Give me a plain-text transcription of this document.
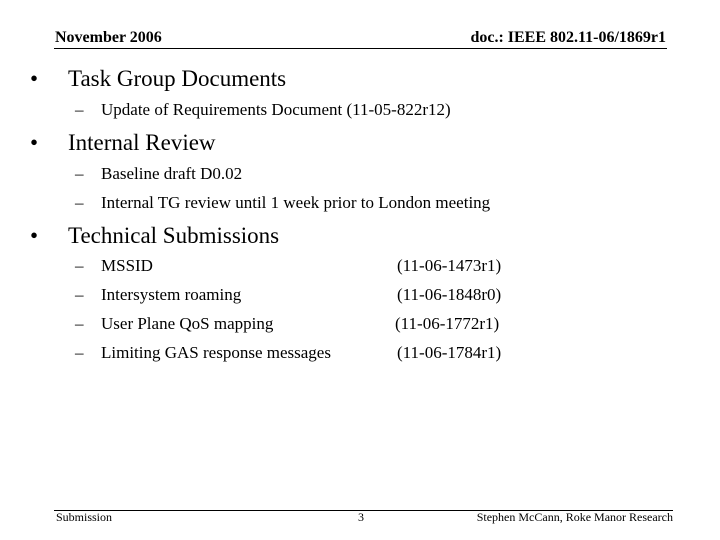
November 2006	doc.: IEEE 802.11-06/1869r1
• Task Group Documents
– Update of Requirements Document (11-05-822r12)
• Internal Review
– Baseline draft D0.02
– Internal TG review until 1 week prior to London meeting
• Technical Submissions
– MSSID	(11-06-1473r1)
– Intersystem roaming	(11-06-1848r0)
– User Plane QoS mapping	(11-06-1772r1)
– Limiting GAS response messages	(11-06-1784r1)
Submission	3	Stephen McCann, Roke Manor Research
